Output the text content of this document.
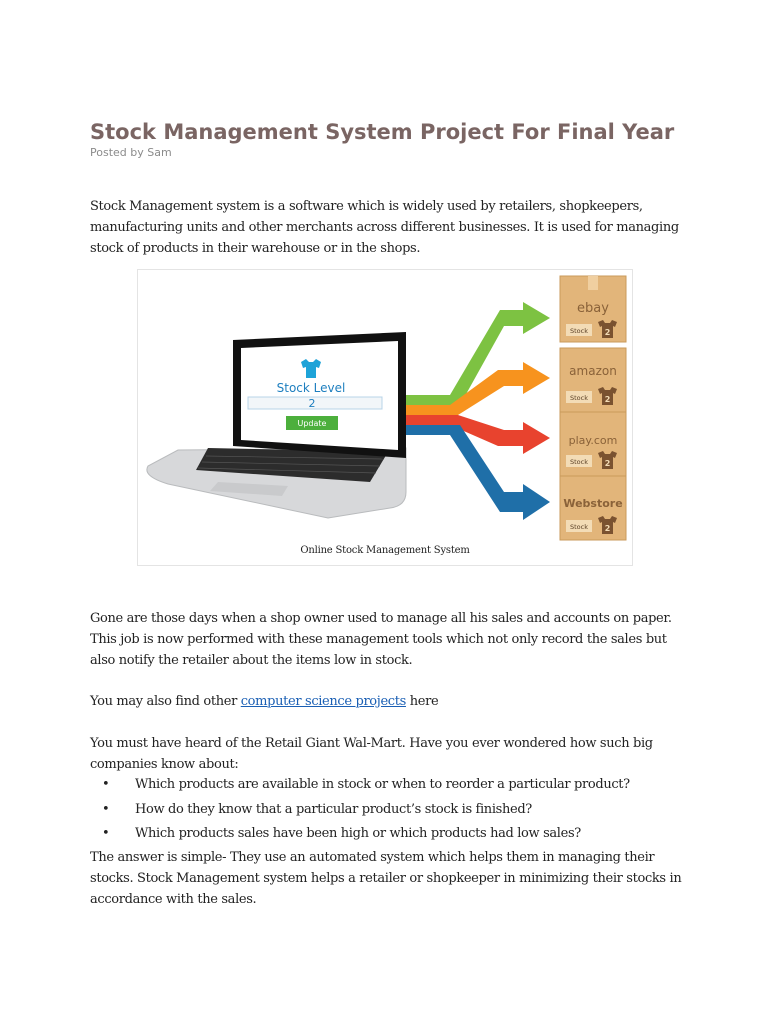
Stock Management System Project For Final Year

Posted by Sam

Stock Management system is a software which is widely used by retailers, shopkeepers, manufacturing units and other merchants across different businesses. It is used for managing stock of products in their warehouse or in the shops.

Gone are those days when a shop owner used to manage all his sales and accounts on paper. This job is now performed with these management tools which not only record the sales but also notify the retailer about the items low in stock.

You may also find other computer science projects here

You must have heard of the Retail Giant Wal-Mart. Have you ever wondered how such big companies know about:

• Which products are available in stock or when to reorder a particular product?
• How do they know that a particular product’s stock is finished?
• Which products sales have been high or which products had low sales?

The answer is simple- They use an automated system which helps them in managing their stocks. Stock Management system helps a retailer or shopkeeper in minimizing their stocks in accordance with the sales.

Stock Level
2
Update
ebay
Stock 2
amazon
Stock 2
play.com
Stock 2
Webstore
Stock 2
Online Stock Management System
